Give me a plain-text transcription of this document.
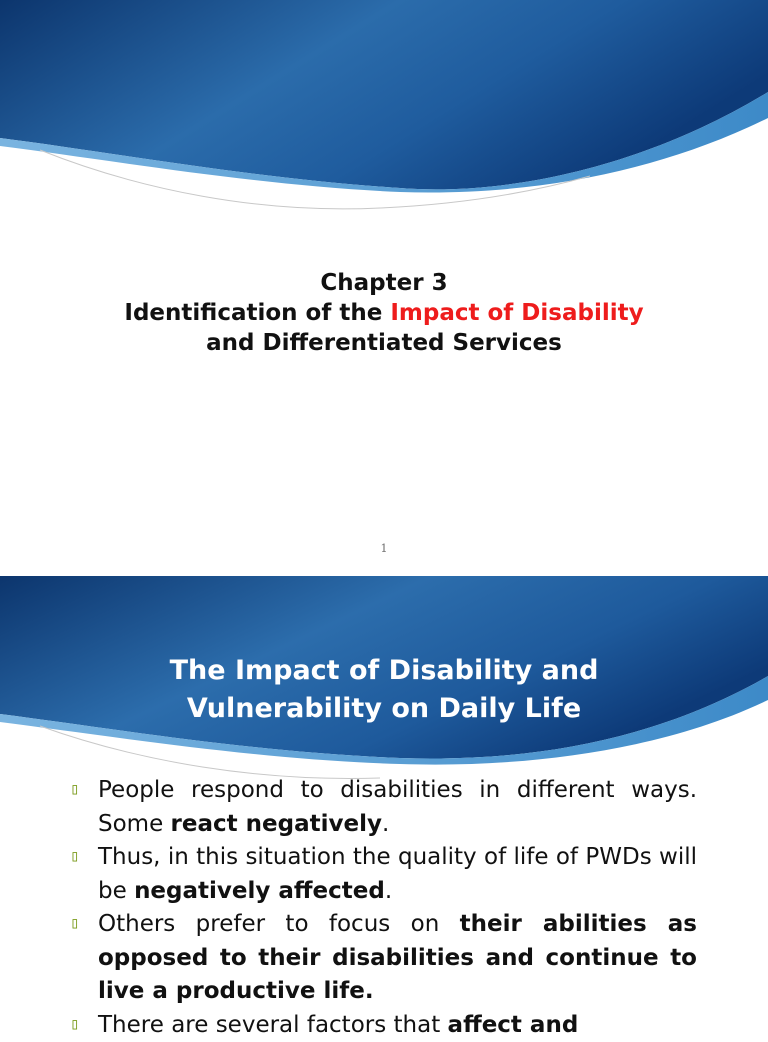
Chapter 3
Identification of the Impact of Disability
and Differentiated Services
1
The Impact of Disability and
Vulnerability on Daily Life
▯ People respond to disabilities in different ways. Some react negatively.
▯ Thus, in this situation the quality of life of PWDs will be negatively affected.
▯ Others prefer to focus on their abilities as opposed to their disabilities and continue to live a productive life.
▯ There are several factors that affect and
